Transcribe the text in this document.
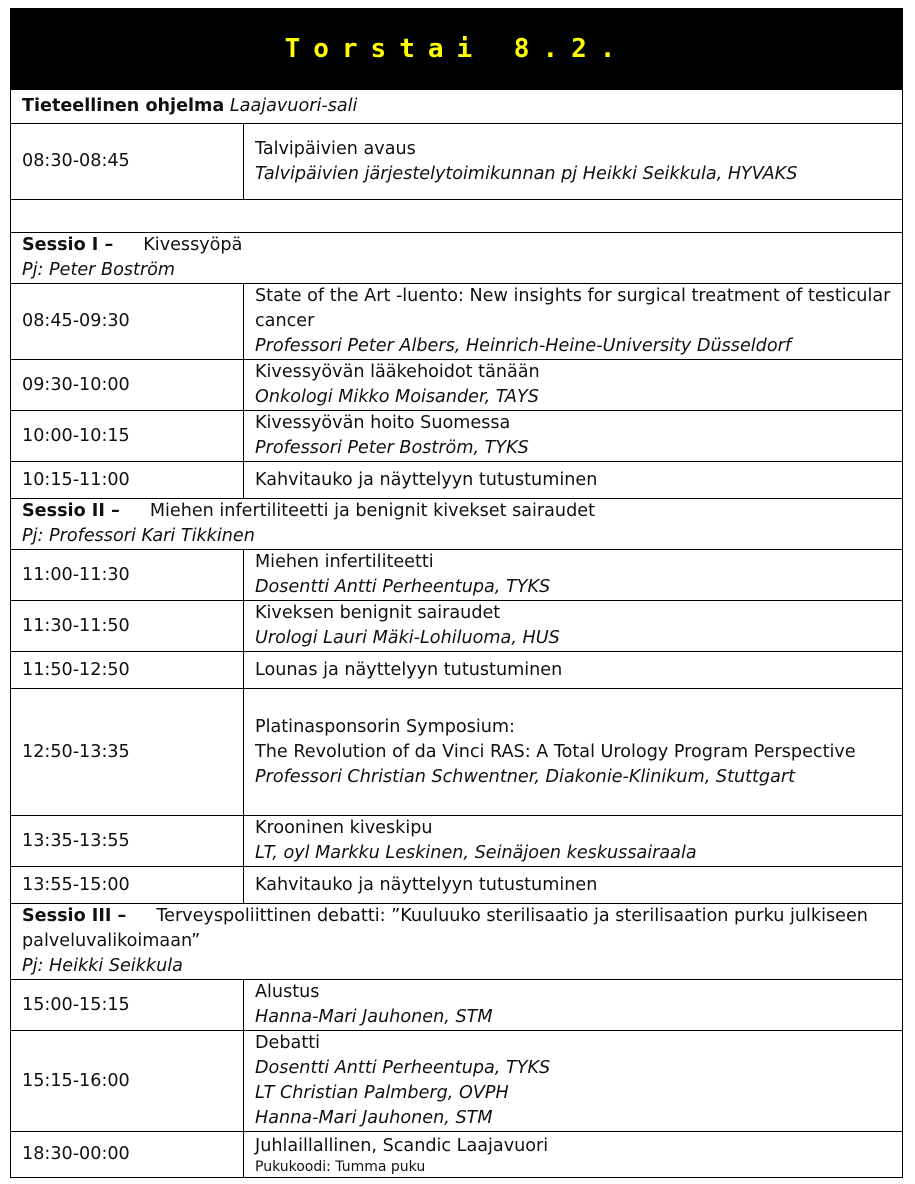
Torstai 8.2.	
Tieteellinen ohjelma Laajavuori-sali	
08:30-08:45	Talvipäivien avaus
Talvipäivien järjestelytoimikunnan pj Heikki Seikkula, HYVAKS

Sessio I – Kivessyöpä
Pj: Peter Boström	

08:45-09:30	State of the Art -luento: New insights for surgical treatment of testicular cancer
Professori Peter Albers, Heinrich-Heine-University Düsseldorf

09:30-10:00	Kivessyövän lääkehoidot tänään
Onkologi Mikko Moisander, TAYS

10:00-10:15	Kivessyövän hoito Suomessa
Professori Peter Boström, TYKS

10:15-11:00	Kahvitauko ja näyttelyyn tutustuminen

Sessio II – Miehen infertiliteetti ja benignit kivekset sairaudet
Pj: Professori Kari Tikkinen	

11:00-11:30	Miehen infertiliteetti
Dosentti Antti Perheentupa, TYKS

11:30-11:50	Kiveksen benignit sairaudet
Urologi Lauri Mäki-Lohiluoma, HUS

11:50-12:50	Lounas ja näyttelyyn tutustuminen
12:50-13:35	Platinasponsorin Symposium:
The Revolution of da Vinci RAS: A Total Urology Program Perspective
Professori Christian Schwentner, Diakonie-Klinikum, Stuttgart

13:35-13:55	Krooninen kiveskipu
LT, oyl Markku Leskinen, Seinäjoen keskussairaala

13:55-15:00	Kahvitauko ja näyttelyyn tutustuminen

Sessio III – Terveyspoliittinen debatti: ”Kuuluuko sterilisaatio ja sterilisaation purku julkiseen palveluvalikoimaan”
Pj: Heikki Seikkula	

15:00-15:15	Alustus
Hanna-Mari Jauhonen, STM

15:15-16:00	Debatti
Dosentti Antti Perheentupa, TYKS
LT Christian Palmberg, OVPH
Hanna-Mari Jauhonen, STM

18:30-00:00	Juhlaillallinen, Scandic Laajavuori
Pukukoodi: Tumma puku
